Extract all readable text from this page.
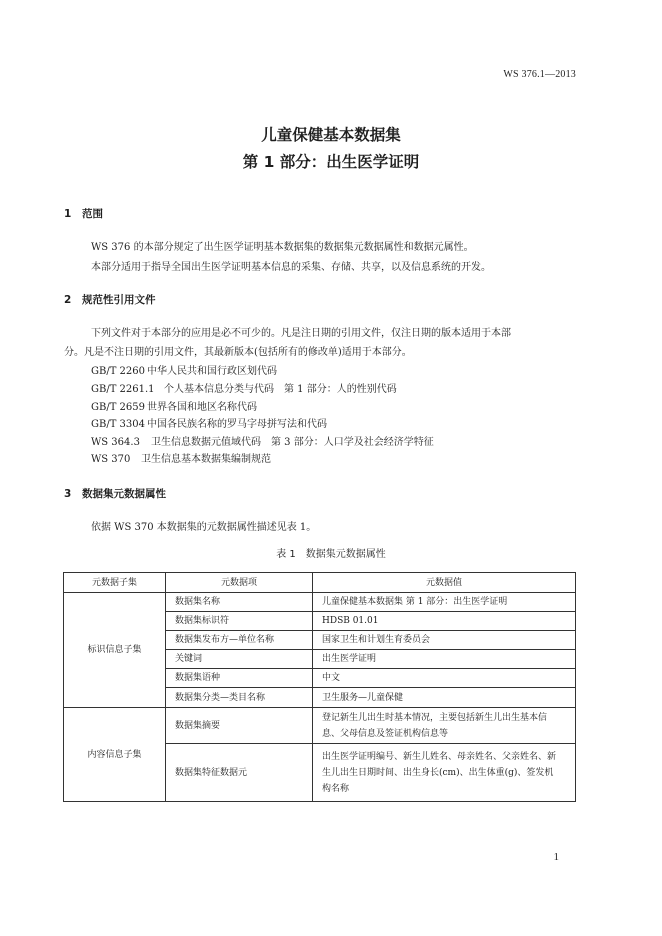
WS 376.1—2013
儿童保健基本数据集
第 1 部分：出生医学证明
1 范围
WS 376 的本部分规定了出生医学证明基本数据集的数据集元数据属性和数据元属性。
本部分适用于指导全国出生医学证明基本信息的采集、存储、共享，以及信息系统的开发。
2 规范性引用文件
下列文件对于本部分的应用是必不可少的。凡是注日期的引用文件，仅注日期的版本适用于本部
分。凡是不注日期的引用文件，其最新版本(包括所有的修改单)适用于本部分。
GB/T 2260 中华人民共和国行政区划代码
GB/T 2261.1 个人基本信息分类与代码　第 1 部分：人的性别代码
GB/T 2659 世界各国和地区名称代码
GB/T 3304 中国各民族名称的罗马字母拼写法和代码
WS 364.3 卫生信息数据元值域代码　第 3 部分：人口学及社会经济学特征
WS 370 卫生信息基本数据集编制规范
3 数据集元数据属性
依据 WS 370 本数据集的元数据属性描述见表 1。
表 1　数据集元数据属性
元数据子集	元数据项	元数据值
标识信息子集	数据集名称	儿童保健基本数据集 第 1 部分：出生医学证明
	数据集标识符	HDSB 01.01
	数据集发布方—单位名称	国家卫生和计划生育委员会
	关键词	出生医学证明
	数据集语种	中文
	数据集分类—类目名称	卫生服务—儿童保健
内容信息子集	数据集摘要	登记新生儿出生时基本情况，主要包括新生儿出生基本信
息、父母信息及签证机构信息等

	数据集特征数据元	出生医学证明编号、新生儿姓名、母亲姓名、父亲姓名、新
生儿出生日期时间、出生身长(cm)、出生体重(g)、签发机
构名称
1
